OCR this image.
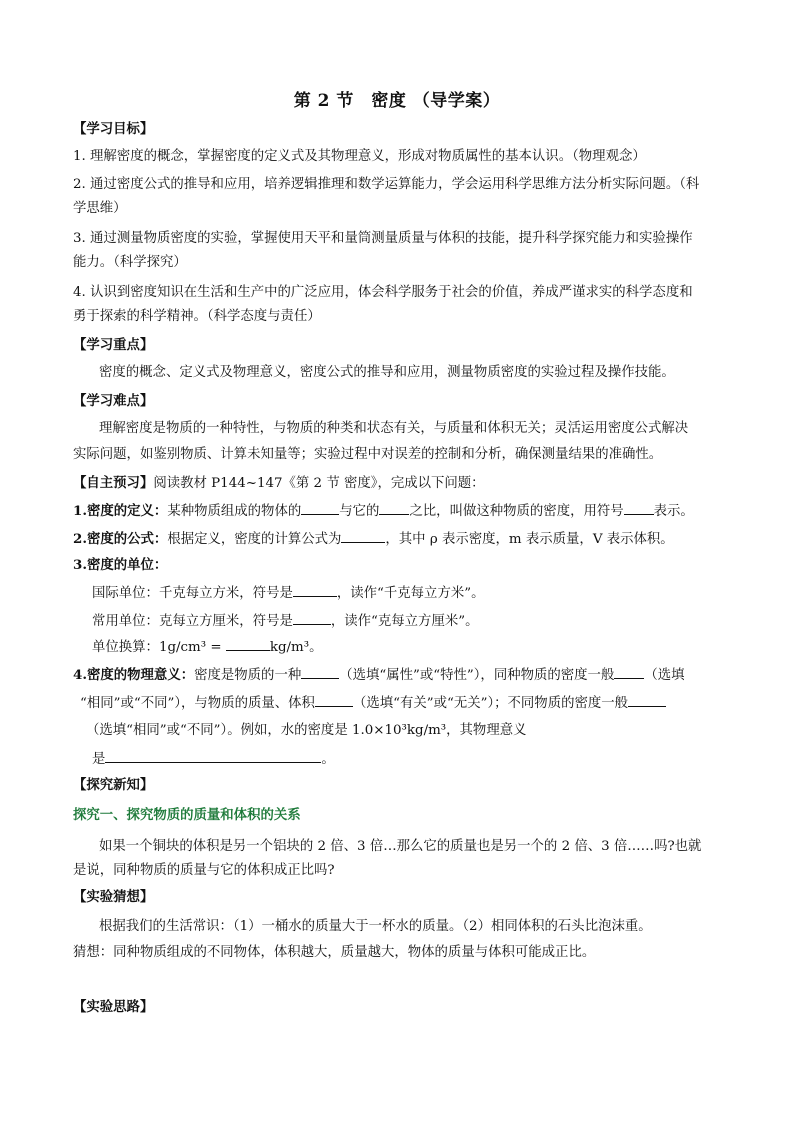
第 2 节　密度 （导学案）
【学习目标】
1. 理解密度的概念，掌握密度的定义式及其物理意义，形成对物质属性的基本认识。（物理观念）
2. 通过密度公式的推导和应用，培养逻辑推理和数学运算能力，学会运用科学思维方法分析实际问题。（科
学思维）
3. 通过测量物质密度的实验，掌握使用天平和量筒测量质量与体积的技能，提升科学探究能力和实验操作
能力。（科学探究）
4. 认识到密度知识在生活和生产中的广泛应用，体会科学服务于社会的价值，养成严谨求实的科学态度和
勇于探索的科学精神。（科学态度与责任）
【学习重点】
密度的概念、定义式及物理意义，密度公式的推导和应用，测量物质密度的实验过程及操作技能。
【学习难点】
理解密度是物质的一种特性，与物质的种类和状态有关，与质量和体积无关；灵活运用密度公式解决
实际问题，如鉴别物质、计算未知量等；实验过程中对误差的控制和分析，确保测量结果的准确性。
【自主预习】阅读教材 P144~147《第 2 节 密度》，完成以下问题：
1.密度的定义：某种物质组成的物体的	与它的 之比，叫做这种物质的密度，用符号 表示。
2.密度的公式：根据定义，密度的计算公式为	，其中 ρ 表示密度，m 表示质量，V 表示体积。
3.密度的单位：
国际单位：千克每立方米，符号是	，读作“千克每立方米”。
常用单位：克每立方厘米，符号是	，读作“克每立方厘米”。
单位换算：1g/cm³ =	kg/m³。
4.密度的物理意义：密度是物质的一种	（选填“属性”或“特性”），同种物质的密度一般 （选填
“相同”或“不同”），与物质的质量、体积	（选填“有关”或“无关”）；不同物质的密度一般
（选填“相同”或“不同”）。例如，水的密度是 1.0×10³kg/m³，其物理意义
是	。
【探究新知】
探究一、探究物质的质量和体积的关系
如果一个铜块的体积是另一个铝块的 2 倍、3 倍…那么它的质量也是另一个的 2 倍、3 倍……吗?也就
是说，同种物质的质量与它的体积成正比吗?
【实验猜想】
根据我们的生活常识：（1）一桶水的质量大于一杯水的质量。（2）相同体积的石头比泡沫重。
猜想：同种物质组成的不同物体，体积越大，质量越大，物体的质量与体积可能成正比。
【实验思路】
